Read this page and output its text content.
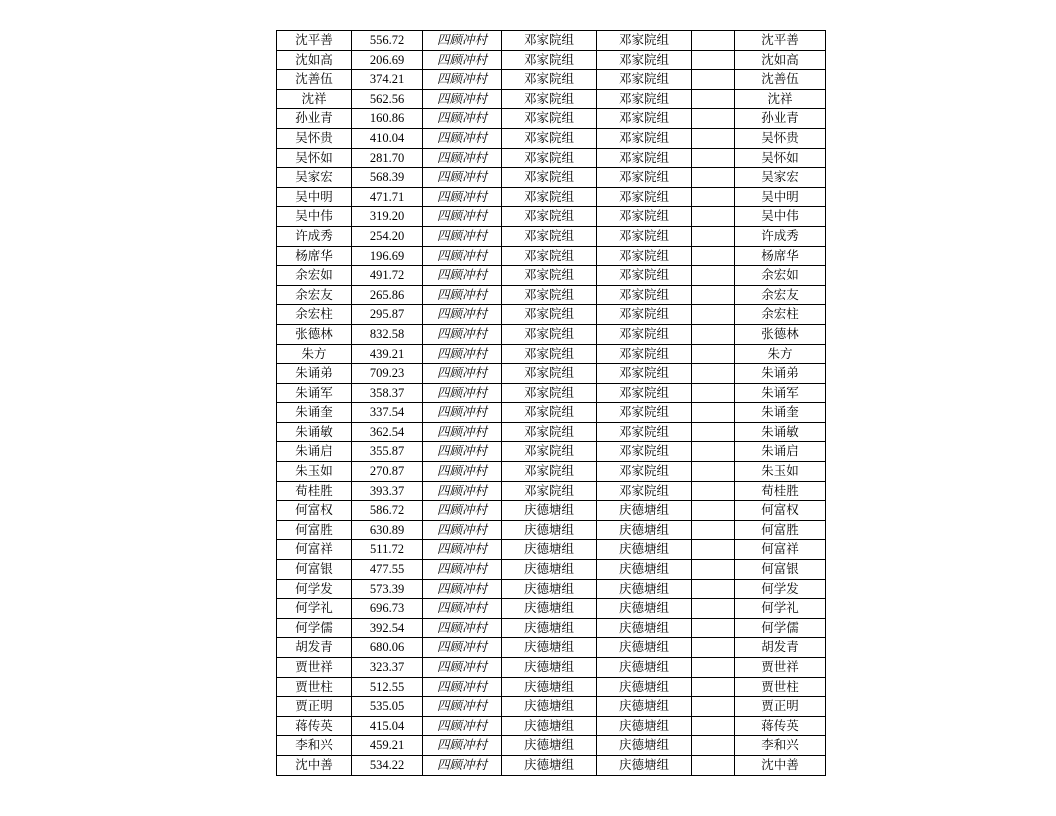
沈平善	556.72	四顾冲村	邓家院组	邓家院组		沈平善
沈如高	206.69	四顾冲村	邓家院组	邓家院组		沈如高
沈善伍	374.21	四顾冲村	邓家院组	邓家院组		沈善伍
沈祥	562.56	四顾冲村	邓家院组	邓家院组		沈祥
孙业青	160.86	四顾冲村	邓家院组	邓家院组		孙业青
吴怀贵	410.04	四顾冲村	邓家院组	邓家院组		吴怀贵
吴怀如	281.70	四顾冲村	邓家院组	邓家院组		吴怀如
吴家宏	568.39	四顾冲村	邓家院组	邓家院组		吴家宏
吴中明	471.71	四顾冲村	邓家院组	邓家院组		吴中明
吴中伟	319.20	四顾冲村	邓家院组	邓家院组		吴中伟
许成秀	254.20	四顾冲村	邓家院组	邓家院组		许成秀
杨席华	196.69	四顾冲村	邓家院组	邓家院组		杨席华
余宏如	491.72	四顾冲村	邓家院组	邓家院组		余宏如
余宏友	265.86	四顾冲村	邓家院组	邓家院组		余宏友
余宏柱	295.87	四顾冲村	邓家院组	邓家院组		余宏柱
张德林	832.58	四顾冲村	邓家院组	邓家院组		张德林
朱方	439.21	四顾冲村	邓家院组	邓家院组		朱方
朱诵弟	709.23	四顾冲村	邓家院组	邓家院组		朱诵弟
朱诵军	358.37	四顾冲村	邓家院组	邓家院组		朱诵军
朱诵奎	337.54	四顾冲村	邓家院组	邓家院组		朱诵奎
朱诵敏	362.54	四顾冲村	邓家院组	邓家院组		朱诵敏
朱诵启	355.87	四顾冲村	邓家院组	邓家院组		朱诵启
朱玉如	270.87	四顾冲村	邓家院组	邓家院组		朱玉如
荀桂胜	393.37	四顾冲村	邓家院组	邓家院组		荀桂胜
何富权	586.72	四顾冲村	庆德塘组	庆德塘组		何富权
何富胜	630.89	四顾冲村	庆德塘组	庆德塘组		何富胜
何富祥	511.72	四顾冲村	庆德塘组	庆德塘组		何富祥
何富银	477.55	四顾冲村	庆德塘组	庆德塘组		何富银
何学发	573.39	四顾冲村	庆德塘组	庆德塘组		何学发
何学礼	696.73	四顾冲村	庆德塘组	庆德塘组		何学礼
何学儒	392.54	四顾冲村	庆德塘组	庆德塘组		何学儒
胡发青	680.06	四顾冲村	庆德塘组	庆德塘组		胡发青
贾世祥	323.37	四顾冲村	庆德塘组	庆德塘组		贾世祥
贾世柱	512.55	四顾冲村	庆德塘组	庆德塘组		贾世柱
贾正明	535.05	四顾冲村	庆德塘组	庆德塘组		贾正明
蒋传英	415.04	四顾冲村	庆德塘组	庆德塘组		蒋传英
李和兴	459.21	四顾冲村	庆德塘组	庆德塘组		李和兴
沈中善	534.22	四顾冲村	庆德塘组	庆德塘组		沈中善
